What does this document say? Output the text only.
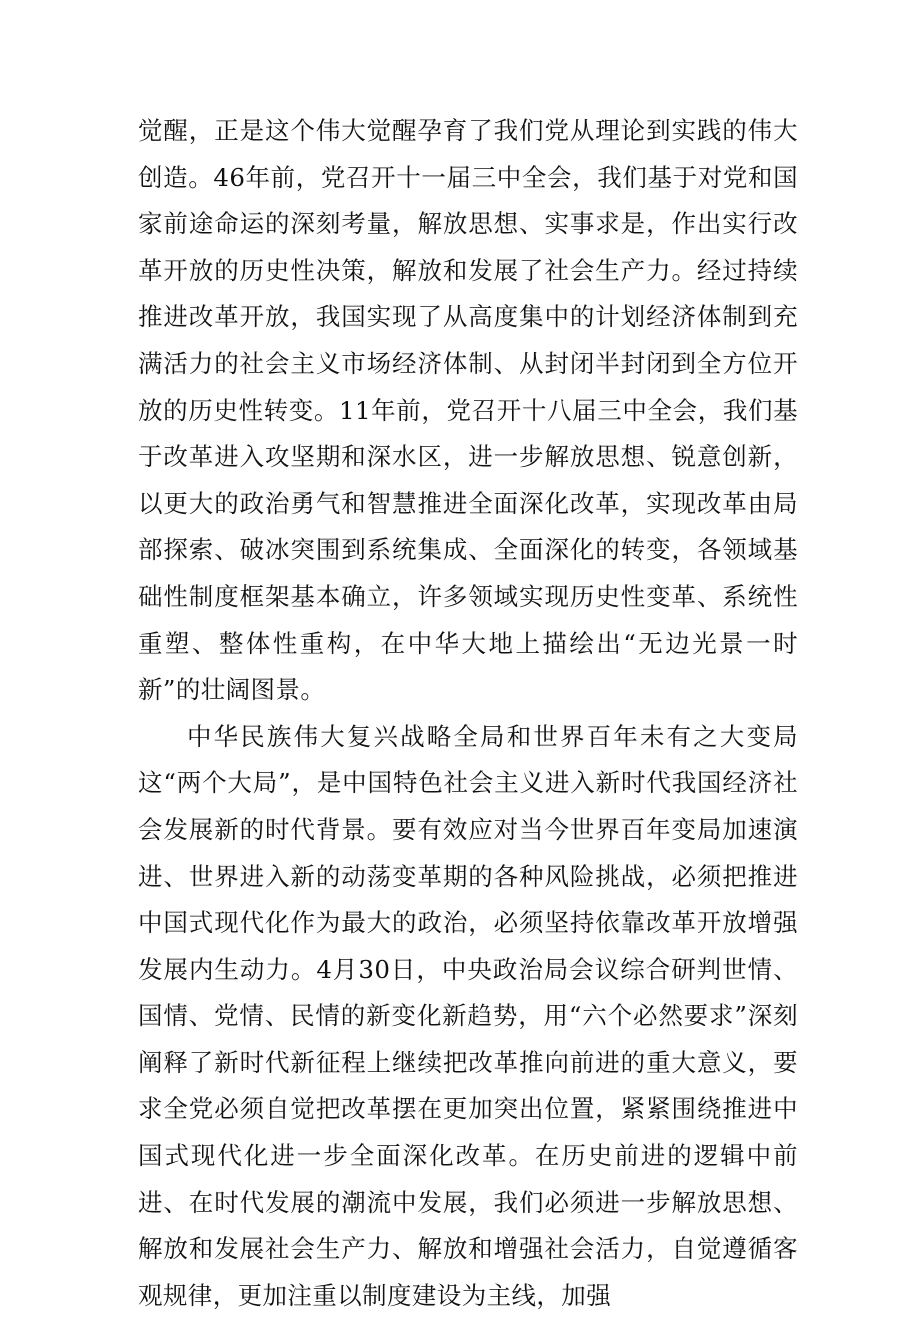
觉醒，正是这个伟大觉醒孕育了我们党从理论到实践的伟大创造。46年前，党召开十一届三中全会，我们基于对党和国家前途命运的深刻考量，解放思想、实事求是，作出实行改革开放的历史性决策，解放和发展了社会生产力。经过持续推进改革开放，我国实现了从高度集中的计划经济体制到充满活力的社会主义市场经济体制、从封闭半封闭到全方位开放的历史性转变。11年前，党召开十八届三中全会，我们基于改革进入攻坚期和深水区，进一步解放思想、锐意创新，以更大的政治勇气和智慧推进全面深化改革，实现改革由局部探索、破冰突围到系统集成、全面深化的转变，各领域基础性制度框架基本确立，许多领域实现历史性变革、系统性重塑、整体性重构，在中华大地上描绘出“无边光景一时新”的壮阔图景。

中华民族伟大复兴战略全局和世界百年未有之大变局这“两个大局”，是中国特色社会主义进入新时代我国经济社会发展新的时代背景。要有效应对当今世界百年变局加速演进、世界进入新的动荡变革期的各种风险挑战，必须把推进中国式现代化作为最大的政治，必须坚持依靠改革开放增强发展内生动力。4月30日，中央政治局会议综合研判世情、国情、党情、民情的新变化新趋势，用“六个必然要求”深刻阐释了新时代新征程上继续把改革推向前进的重大意义，要求全党必须自觉把改革摆在更加突出位置，紧紧围绕推进中国式现代化进一步全面深化改革。在历史前进的逻辑中前进、在时代发展的潮流中发展，我们必须进一步解放思想、解放和发展社会生产力、解放和增强社会活力，自觉遵循客观规律，更加注重以制度建设为主线，加强
